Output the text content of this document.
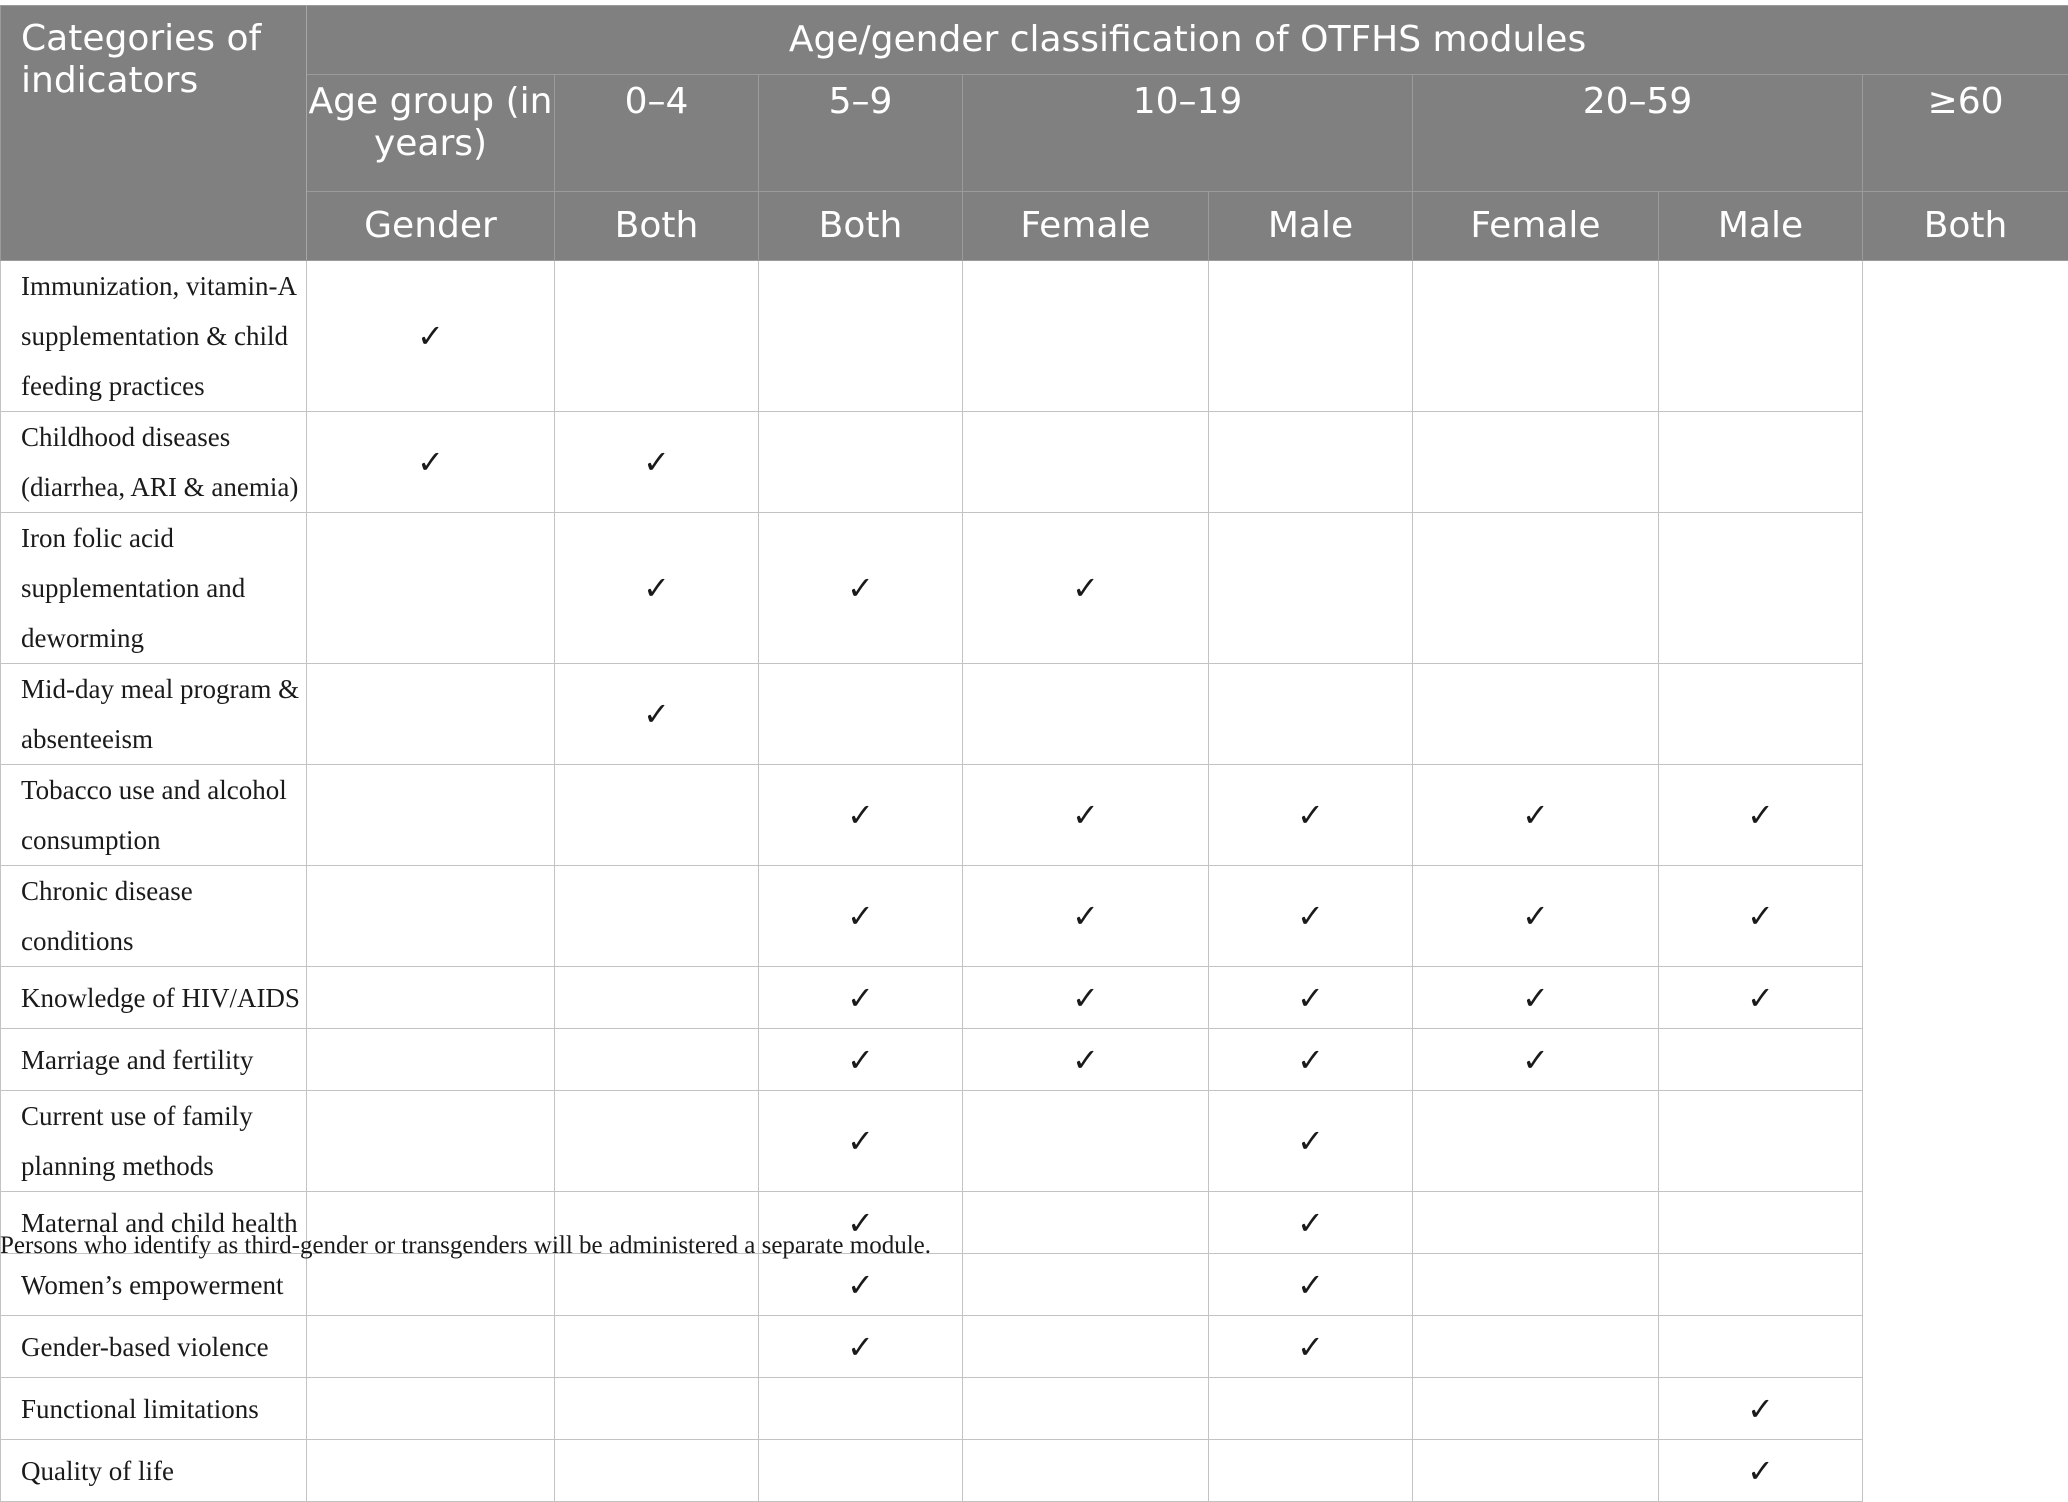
Categories of indicators	Age/gender classification of OTFHS modules							
	Age group (in years)	0–4	5–9	10–19		20–59		≥60
	Gender	Both	Both	Female	Male	Female	Male	Both
Immunization, vitamin-A supplementation & child feeding practices	✓							
Childhood diseases (diarrhea, ARI & anemia)	✓	✓						
Iron folic acid supplementation and deworming		✓	✓	✓				
Mid-day meal program & absenteeism		✓						
Tobacco use and alcohol consumption			✓	✓	✓	✓	✓	
Chronic disease conditions			✓	✓	✓	✓	✓	
Knowledge of HIV/AIDS			✓	✓	✓	✓	✓	
Marriage and fertility			✓	✓	✓	✓		
Current use of family planning methods			✓		✓			
Maternal and child health			✓		✓			
Women’s empowerment			✓		✓			
Gender-based violence			✓		✓			
Functional limitations							✓	
Quality of life							✓	
Persons who identify as third-gender or transgenders will be administered a separate module.
